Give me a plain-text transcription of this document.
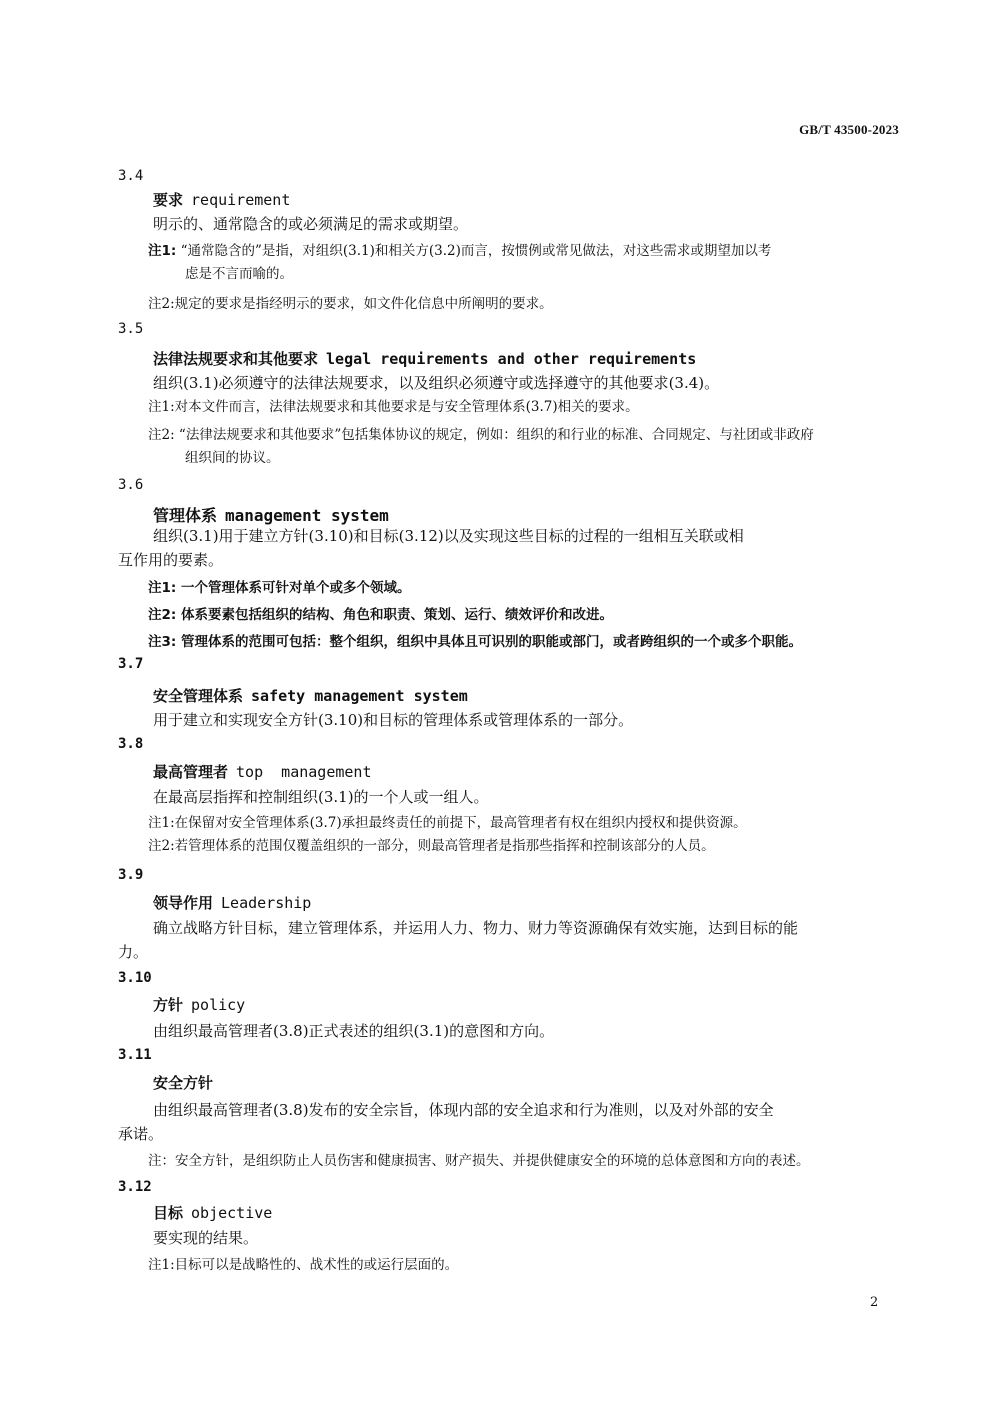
GB/T 43500-2023
3.4
要求 requirement
明示的、通常隐含的或必须满足的需求或期望。
注1: “通常隐含的”是指，对组织(3.1)和相关方(3.2)而言，按惯例或常见做法，对这些需求或期望加以考
虑是不言而喻的。
注2:规定的要求是指经明示的要求，如文件化信息中所阐明的要求。
3.5
法律法规要求和其他要求 legal requirements and other requirements
组织(3.1)必须遵守的法律法规要求，以及组织必须遵守或选择遵守的其他要求(3.4)。
注1:对本文件而言，法律法规要求和其他要求是与安全管理体系(3.7)相关的要求。
注2: “法律法规要求和其他要求”包括集体协议的规定，例如：组织的和行业的标准、合同规定、与社团或非政府
组织间的协议。
3.6
管理体系 management system
组织(3.1)用于建立方针(3.10)和目标(3.12)以及实现这些目标的过程的一组相互关联或相
互作用的要素。
注1: 一个管理体系可针对单个或多个领域。
注2: 体系要素包括组织的结构、角色和职责、策划、运行、绩效评价和改进。
注3: 管理体系的范围可包括：整个组织，组织中具体且可识别的职能或部门，或者跨组织的一个或多个职能。
3.7
安全管理体系 safety management system
用于建立和实现安全方针(3.10)和目标的管理体系或管理体系的一部分。
3.8
最高管理者 top  management
在最高层指挥和控制组织(3.1)的一个人或一组人。
注1:在保留对安全管理体系(3.7)承担最终责任的前提下，最高管理者有权在组织内授权和提供资源。
注2:若管理体系的范围仅覆盖组织的一部分，则最高管理者是指那些指挥和控制该部分的人员。
3.9
领导作用 Leadership
确立战略方针目标，建立管理体系，并运用人力、物力、财力等资源确保有效实施，达到目标的能
力。
3.10
方针 policy
由组织最高管理者(3.8)正式表述的组织(3.1)的意图和方向。
3.11
安全方针
由组织最高管理者(3.8)发布的安全宗旨，体现内部的安全追求和行为准则，以及对外部的安全
承诺。
注：安全方针，是组织防止人员伤害和健康损害、财产损失、并提供健康安全的环境的总体意图和方向的表述。
3.12
目标 objective
要实现的结果。
注1:目标可以是战略性的、战术性的或运行层面的。
2
